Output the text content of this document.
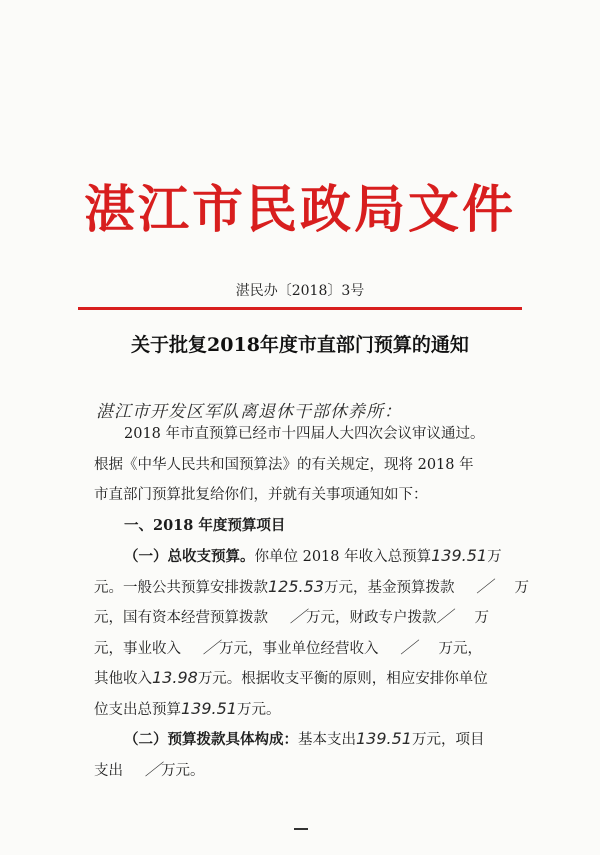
湛江市民政局文件
湛民办〔2018〕3号
关于批复2018年度市直部门预算的通知
湛江市开发区军队离退休干部休养所：
2018 年市直预算已经市十四届人大四次会议审议通过。
根据《中华人民共和国预算法》的有关规定，现将 2018 年
市直部门预算批复给你们，并就有关事项通知如下：
一、2018 年度预算项目
（一）总收支预算。你单位 2018 年收入总预算139.51万
元。一般公共预算安排拨款125.53万元，基金预算拨款 ／ 万
元，国有资本经营预算拨款 ／万元，财政专户拨款／ 万
元，事业收入 ／万元，事业单位经营收入 ／ 万元，
其他收入13.98万元。根据收支平衡的原则，相应安排你单位
位支出总预算139.51万元。
（二）预算拨款具体构成：基本支出139.51万元，项目
支出 ／万元。
